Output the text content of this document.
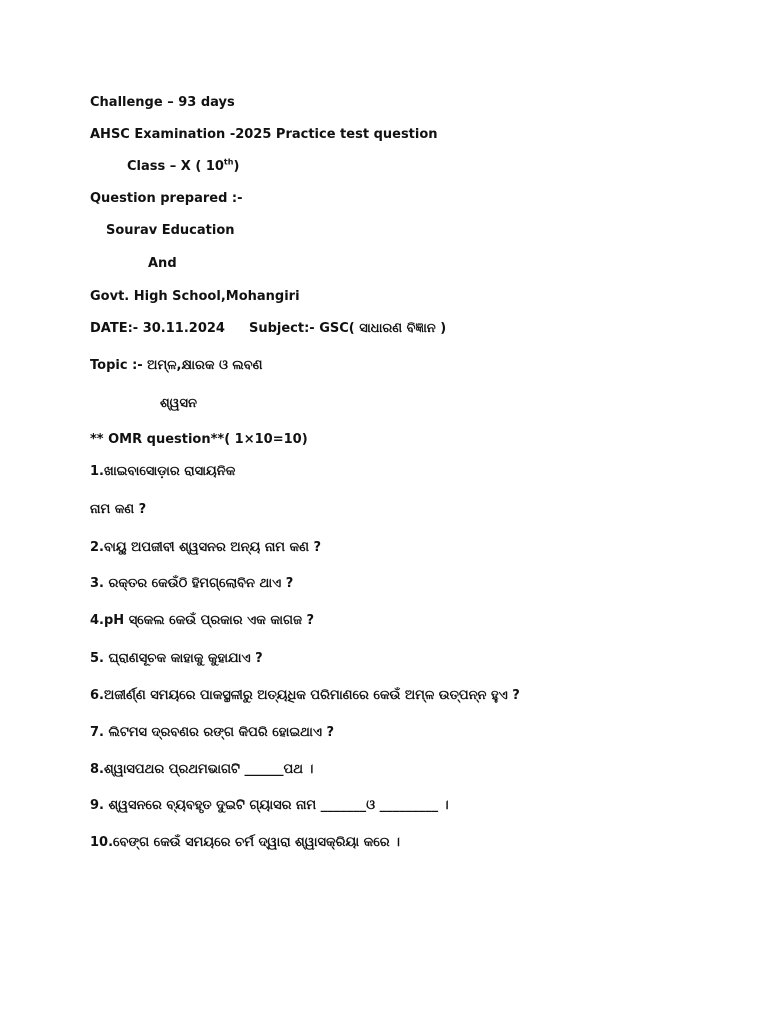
Challenge – 93 days
AHSC Examination -2025 Practice test question
Class – X ( 10th)
Question prepared :-
Sourav Education
And
Govt. High School,Mohangiri
DATE:- 30.11.2024 Subject:- GSC( ସାଧାରଣ ବିଜ୍ଞାନ )
Topic :- ଅମ୍ଳ,କ୍ଷାରକ ଓ ଲବଣ
ଶ୍ୱସନ
** OMR question**( 1×10=10)
1.ଖାଇବାସୋଡ଼ାର ରାସାୟନିକ
ନାମ କଣ ?
2.ବାୟୁ ଅପଜୀବୀ ଶ୍ୱସନର ଅନ୍ୟ ନାମ କଣ ?
3. ରକ୍ତର କେଉଁଠି ହିମଗ୍ଲୋବିନ ଥାଏ ?
4.pH ସ୍କେଲ କେଉଁ ପ୍ରକାର ଏକ କାଗଜ ?
5. ଘ୍ରାଣସୂଚକ କାହାକୁ କୁହାଯାଏ ?
6.ଅଜୀର୍ଣ୍ଣ ସମୟରେ ପାକସ୍ଥଳୀରୁ ଅତ୍ୟଧିକ ପରିମାଣରେ କେଉଁ ଅମ୍ଳ ଉତ୍ପନ୍ନ ହୁଏ ?
7. ଲିଟମସ ଦ୍ରବଣର ରଙ୍ଗ କିପରି ହୋଇଥାଏ ?
8.ଶ୍ୱାସପଥର ପ୍ରଥମଭାଗଟି ______ପଥ ।
9. ଶ୍ୱସନରେ ବ୍ୟବହୃତ ଦୁଇଟି ଗ୍ୟାସର ନାମ _______ଓ _________ ।
10.ବେଙ୍ଗ କେଉଁ ସମୟରେ ଚର୍ମ ଦ୍ୱାରା ଶ୍ୱାସକ୍ରିୟା କରେ ।
